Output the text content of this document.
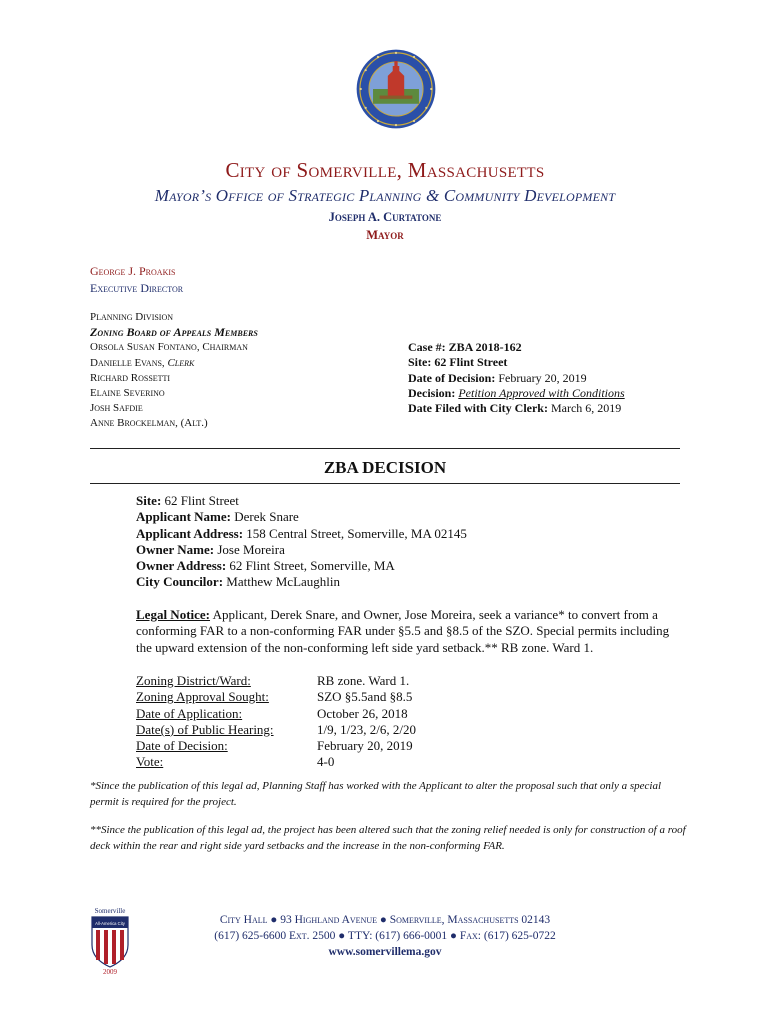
City of Somerville, Massachusetts
Mayor’s Office of Strategic Planning & Community Development
Joseph A. Curtatone
Mayor
George J. Proakis
Executive Director
Planning Division
Zoning Board of Appeals Members
Orsola Susan Fontano, Chairman
Danielle Evans, Clerk
Richard Rossetti
Elaine Severino
Josh Safdie
Anne Brockelman, (Alt.)
Case #: ZBA 2018-162
Site: 62 Flint Street
Date of Decision: February 20, 2019
Decision: Petition Approved with Conditions
Date Filed with City Clerk: March 6, 2019
ZBA DECISION
Site: 62 Flint Street
Applicant Name: Derek Snare
Applicant Address: 158 Central Street, Somerville, MA 02145
Owner Name: Jose Moreira
Owner Address: 62 Flint Street, Somerville, MA
City Councilor: Matthew McLaughlin
Legal Notice: Applicant, Derek Snare, and Owner, Jose Moreira, seek a variance* to convert from a conforming FAR to a non-conforming FAR under §5.5 and §8.5 of the SZO. Special permits including the upward extension of the non-conforming left side yard setback.** RB zone. Ward 1.
Zoning District/Ward:	RB zone. Ward 1.
Zoning Approval Sought:	SZO §5.5and §8.5
Date of Application:	October 26, 2018
Date(s) of Public Hearing:	1/9, 1/23, 2/6, 2/20
Date of Decision:	February 20, 2019
Vote:	4-0
*Since the publication of this legal ad, Planning Staff has worked with the Applicant to alter the proposal such that only a special permit is required for the project.
**Since the publication of this legal ad, the project has been altered such that the zoning relief needed is only for construction of a roof deck within the rear and right side yard setbacks and the increase in the non-conforming FAR.
Somerville
All-America City
2009
City Hall ● 93 Highland Avenue ● Somerville, Massachusetts 02143
(617) 625-6600 Ext. 2500 ● TTY: (617) 666-0001 ● Fax: (617) 625-0722
www.somervillema.gov
